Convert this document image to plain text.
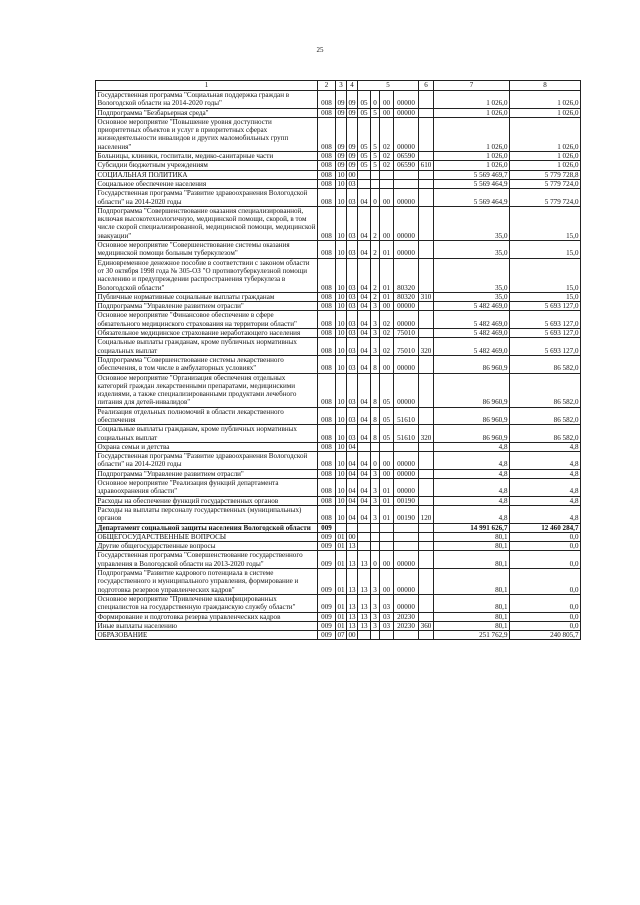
25
1	2	3	4	5				6	7	8
Государственная программа "Социальная поддержка граждан в Вологодской области на 2014-2020 годы"	008	09	09	05	0	00	00000		1 026,0	1 026,0
Подпрограмма "Безбарьерная среда"	008	09	09	05	5	00	00000		1 026,0	1 026,0
Основное мероприятие "Повышение уровня доступности приоритетных объектов и услуг в приоритетных сферах жизнедеятельности инвалидов и других маломобильных групп населения"	008	09	09	05	5	02	00000		1 026,0	1 026,0
Больницы, клиники, госпитали, медико-санитарные части	008	09	09	05	5	02	06590		1 026,0	1 026,0
Субсидии бюджетным учреждениям	008	09	09	05	5	02	06590	610	1 026,0	1 026,0
СОЦИАЛЬНАЯ ПОЛИТИКА	008	10	00						5 569 469,7	5 779 728,8
Социальное обеспечение населения	008	10	03						5 569 464,9	5 779 724,0
Государственная программа "Развитие здравоохранения Вологодской области" на 2014-2020 годы	008	10	03	04	0	00	00000		5 569 464,9	5 779 724,0
Подпрограмма "Совершенствование оказания специализированной, включая высокотехнологичную, медицинской помощи, скорой, в том числе скорой специализированной, медицинской помощи, медицинской эвакуации"	008	10	03	04	2	00	00000		35,0	15,0
Основное мероприятие "Совершенствование системы оказания медицинской помощи больным туберкулезом"	008	10	03	04	2	01	00000		35,0	15,0
Единовременное денежное пособие в соответствии с законом области от 30 октября 1998 года № 305-ОЗ "О противотуберкулезной помощи населению и предупреждении распространения туберкулеза в Вологодской области"	008	10	03	04	2	01	80320		35,0	15,0
Публичные нормативные социальные выплаты гражданам	008	10	03	04	2	01	80320	310	35,0	15,0
Подпрограмма "Управление развитием отрасли"	008	10	03	04	3	00	00000		5 482 469,0	5 693 127,0
Основное мероприятие "Финансовое обеспечение в сфере обязательного медицинского страхования на территории области"	008	10	03	04	3	02	00000		5 482 469,0	5 693 127,0
Обязательное медицинское страхование неработающего населения	008	10	03	04	3	02	75010		5 482 469,0	5 693 127,0
Социальные выплаты гражданам, кроме публичных нормативных социальных выплат	008	10	03	04	3	02	75010	320	5 482 469,0	5 693 127,0
Подпрограмма "Совершенствование системы лекарственного обеспечения, в том числе в амбулаторных условиях"	008	10	03	04	8	00	00000		86 960,9	86 582,0
Основное мероприятие "Организация обеспечения отдельных категорий граждан лекарственными препаратами, медицинскими изделиями, а также специализированными продуктами лечебного питания для детей-инвалидов"	008	10	03	04	8	05	00000		86 960,9	86 582,0
Реализация отдельных полномочий в области лекарственного обеспечения	008	10	03	04	8	05	51610		86 960,9	86 582,0
Социальные выплаты гражданам, кроме публичных нормативных социальных выплат	008	10	03	04	8	05	51610	320	86 960,9	86 582,0
Охрана семьи и детства	008	10	04						4,8	4,8
Государственная программа "Развитие здравоохранения Вологодской области" на 2014-2020 годы	008	10	04	04	0	00	00000		4,8	4,8
Подпрограмма "Управление развитием отрасли"	008	10	04	04	3	00	00000		4,8	4,8
Основное мероприятие "Реализация функций департамента здравоохранения области"	008	10	04	04	3	01	00000		4,8	4,8
Расходы на обеспечение функций государственных органов	008	10	04	04	3	01	00190		4,8	4,8
Расходы на выплаты персоналу государственных (муниципальных) органов	008	10	04	04	3	01	00190	120	4,8	4,8
Департамент социальной защиты населения Вологодской области	009								14 991 626,7	12 460 284,7
ОБЩЕГОСУДАРСТВЕННЫЕ ВОПРОСЫ	009	01	00						80,1	0,0
Другие общегосударственные вопросы	009	01	13						80,1	0,0
Государственная программа "Совершенствование государственного управления в Вологодской области на 2013-2020 годы"	009	01	13	13	0	00	00000		80,1	0,0
Подпрограмма "Развитие кадрового потенциала в системе государственного и муниципального управления, формирование и подготовка резервов управленческих кадров"	009	01	13	13	3	00	00000		80,1	0,0
Основное мероприятие "Привлечение квалифицированных специалистов на государственную гражданскую службу области"	009	01	13	13	3	03	00000		80,1	0,0
Формирование и подготовка резерва управленческих кадров	009	01	13	13	3	03	20230		80,1	0,0
Иные выплаты населению	009	01	13	13	3	03	20230	360	80,1	0,0
ОБРАЗОВАНИЕ	009	07	00						251 762,9	240 805,7
